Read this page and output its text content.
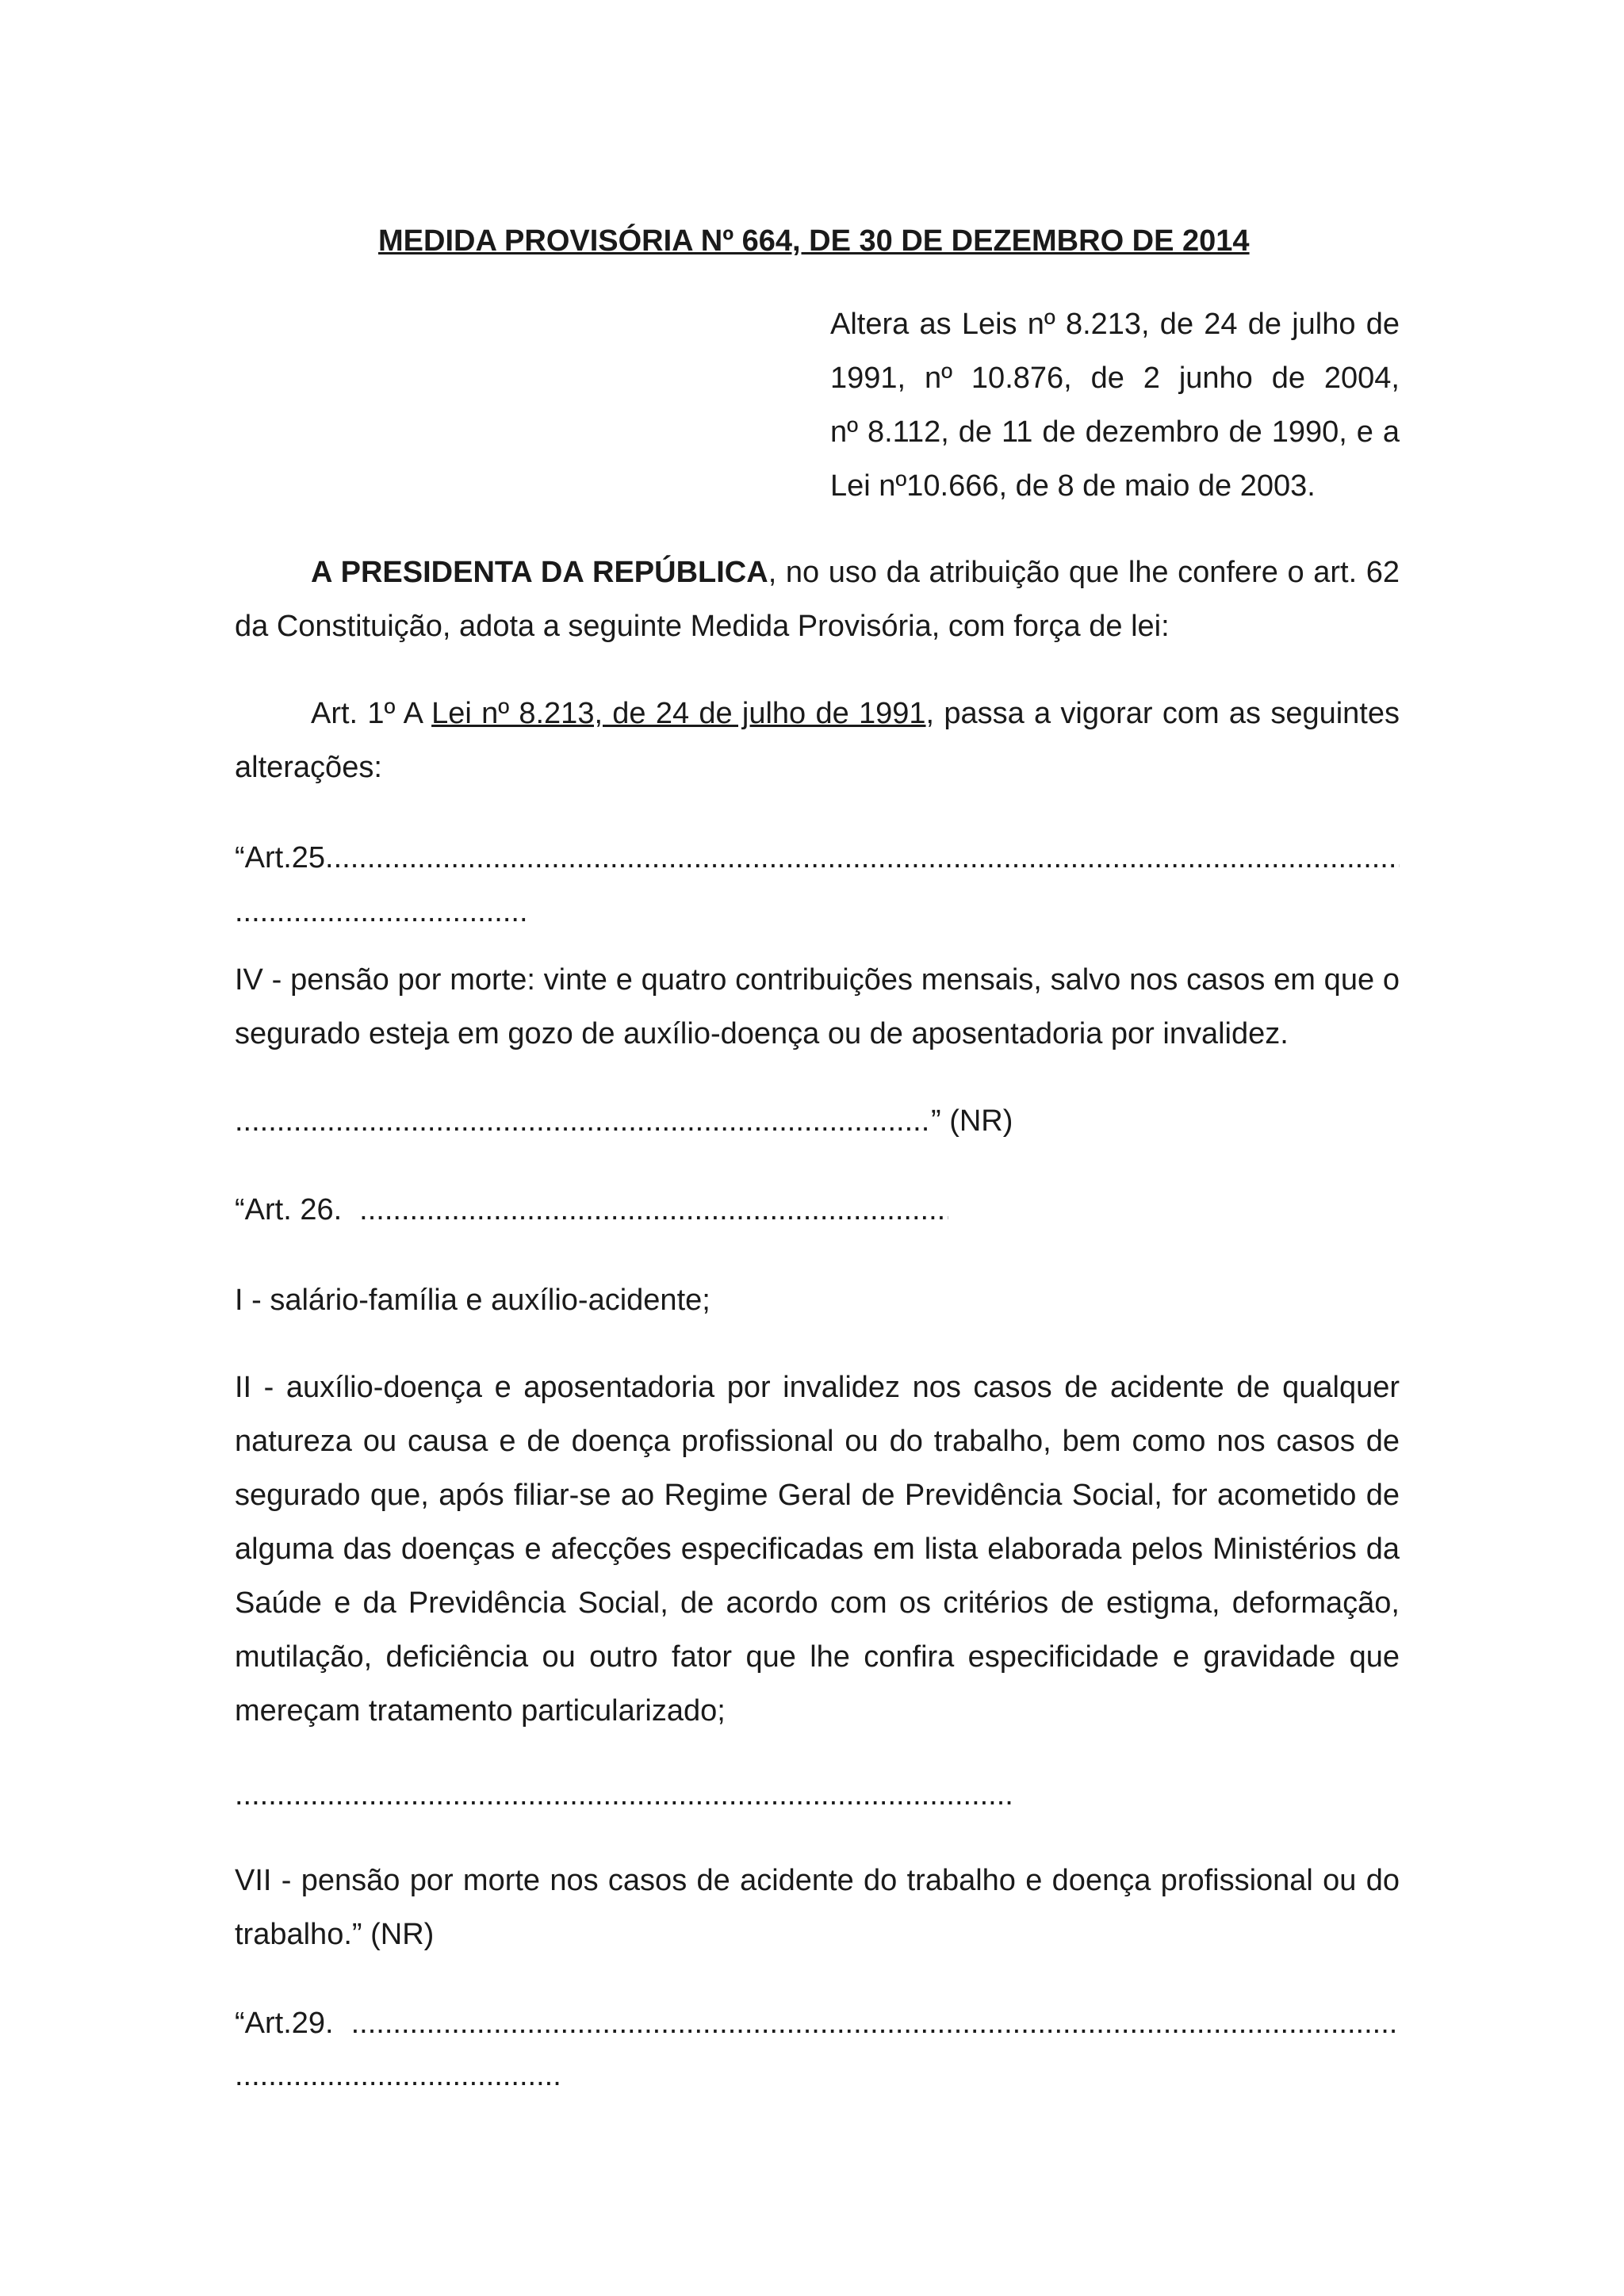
MEDIDA PROVISÓRIA Nº 664, DE 30 DE DEZEMBRO DE 2014
Altera as Leis nº 8.213, de 24 de julho de
1991, nº 10.876, de 2 junho de 2004,
nº 8.112, de 11 de dezembro de 1990, e a
Lei nº10.666, de 8 de maio de 2003.

A PRESIDENTA DA REPÚBLICA, no uso da atribuição que lhe confere o art. 62 da Constituição, adota a seguinte Medida Provisória, com força de lei:

Art. 1º A Lei nº 8.213, de 24 de julho de 1991, passa a vigorar com as seguintes alterações:

“Art.25
.....
.....

IV - pensão por morte: vinte e quatro contribuições mensais, salvo nos casos em que o segurado esteja em gozo de auxílio-doença ou de aposentadoria por invalidez.

.....” (NR)
“Art. 26.
.....

I - salário-família e auxílio-acidente;

II - auxílio-doença e aposentadoria por invalidez nos casos de acidente de qualquer natureza ou causa e de doença profissional ou do trabalho, bem como nos casos de segurado que, após filiar-se ao Regime Geral de Previdência Social, for acometido de alguma das doenças e afecções especificadas em lista elaborada pelos Ministérios da Saúde e da Previdência Social, de acordo com os critérios de estigma, deformação, mutilação, deficiência ou outro fator que lhe confira especificidade e gravidade que mereçam tratamento particularizado;

.....

VII - pensão por morte nos casos de acidente do trabalho e doença profissional ou do trabalho.” (NR)

“Art.29.
.....
.....
